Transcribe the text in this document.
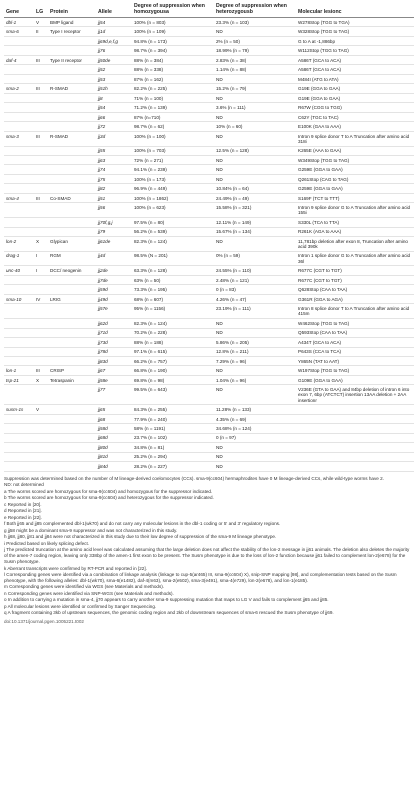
Gene	LG	Protein	Allele	Degree of suppression when homozygousa	Degree of suppression when heterozygousb	Molecular lesionc
dbl-1	V	BMP ligand	jj54	100% (n = 803)	23.3% (n = 103)	W278Stop (TGG to TGA)
sma-6	II	Type I receptor	jj1d	100% (n = 109)	ND	W328Stop (TGG to TAG)
			jj69d,e,f,g	94.8% (n = 173)	2% (n = 50)	G to A at -1,886bp
			jj76	98.7% (n = 394)	18.99% (n = 79)	W112Stop (TGG to TAG)
daf-4	III	Type II receptor	jj50de	88% (n = 384)	2.83% (n = 38)	A586T (GCA to ACA)
			jj52	88% (n = 338)	1.14% (n = 88)	A586T (GCA to ACA)
			jj53	87% (n = 162)	ND	M484I (ATG to ATA)
sma-2	III	R-SMAD	jj51h	82.2% (n = 225)	15.2% (n = 79)	G19E (GGA to GAA)
			jj8	71% (n = 100)	ND	G19E (GGA to GAA)
			jj54	71.2% (n = 139)	3.6% (n = 111)	R67W (CGG to TGG)
			jj66	87% (n=710)	ND	C62Y (TGC to TAC)
			jj72	98.7% (n = 62)	10% (n = 60)	E100K (GAA to AAA)
sma-3	III	R-SMAD	jj3d	100% (n = 100)	ND	Intron 9 splice donor T to A Truncation after amino acid 318i
			jj55	100% (n = 703)	12.5% (n = 128)	K265E (AAA to GAA)
			jj63	72% (n = 271)	ND	W349Stop (TGG to TAG)
			jj74	94.1% (n = 239)	ND	G259E (GGA to GAA)
			jj75	100% (n = 173)	ND	Q261Stop (CAG to TAG)
			jj82	96.9% (n = 449)	10.84% (n = 64)	G259E (GGA to GAA)
sma-4	III	Co-SMAD	jj51	100% (n = 1862)	24.49% (n = 49)	S169F (TCT to TTT)
			jj56	100% (n = 623)	15.58% (n = 321)	Intron 9 splice donor G to A Truncation after amino acid 155i
			jj70f,g,j	97.5% (n = 80)	12.11% (n = 149)	S330L (TCA to TTA)
			jj79	56.2% (n = 539)	15.67% (n = 134)	R261K (AGA to AAA)
lon-2	X	Glypican	jj61de	82.3% (n = 124)	ND	11,781bp deletion after exon 8, Truncation after amino acid 390k
drag-1	I	RGM	jj4d	98.5% (N = 201)	0% (n = 59)	Intron 1 splice donor G to A Truncation after amino acid 36l
unc-40	I	DCC/ neogenin	jj2de	63.3% (n = 128)	24.55% (n = 110)	R677C (CGT to TGT)
			jj7de	63% (n = 50)	2.48% (n = 121)	R677C (CGT to TGT)
			jj59d	73.3% (n = 195)	0 (n = 83)	Q628Stop (CAA to TAA)
sma-10	IV	LRIG	jj49d	68% (n = 607)	4.26% (n = 47)	G361R (GGA to AGA)
			jj57e	95% (n = 1156)	23.19% (n = 111)	Intron 8 splice donor T to A Truncation after amino acid 415m
			jj62d	82.3% (n = 124)	ND	W462Stop (TGG to TAG)
			jj71d	70.2% (n = 228)	ND	Q593Stop (CAA to TAA)
			jj73d	88% (n = 188)	5.86% (n = 205)	A434T (GCA to ACA)
			jj78d	97.1% (n = 615)	12.8% (n = 211)	P643S (CCA to TCA)
			jj83d	66.2% (n = 757)	7.29% (n = 96)	Y865N (TAT to AAT)
lon-1	III	CRISP	jj67	66.8% (n = 190)	ND	W197Stop (TGG to TAG)
tsp-21	X	Tetraspanin	jj58e	69.8% (n = 98)	1.04% (n = 96)	G109E (GGA to GAA)
			jj77	99.5% (n = 643)	ND	V236E (GTA to GAA) and 84bp deletion of intron 6 into exon 7, 6bp (ATCTCT) insertion 13AA deletion + 2AA insertionr
susm-1s	V		jj65	84.3% (n = 255)	11.28% (n = 133)	
			jj68	77.9% (n = 240)	4.35% (n = 69)	
			jj58d	58% (n = 1191)	34.68% (n = 124)	
			jj68d	23.7% (n = 102)	0 (n = 97)	
			jj80d	34.8% (n = 81)	ND	
			jj81d	25.2% (n = 294)	ND	
			jj84d	28.2% (n = 227)	ND	

Suppression was determined based on the number of M lineage-derived coelomocytes (CCs). sma-9(cc604) hermaphrodites have 0 M lineage-derived CCs, while wild-type worms have 2.

ND: not determined

a The worms scored are homozygous for sma-9(cc604) and homozygous for the suppressor indicated.

b The worms scored are homozygous for sma-9(cc604) and heterozygous for the suppressor indicated.

c Reported in [20].

d Reported in [21].

e Reported in [22].

f Both jj65 and jj85 complemented dbl-1(wk70) and do not carry any molecular lesions in the dbl-1 coding or 5' and 3' regulatory regions.

g jj58 might be a dominant sma-9 suppressor and was not characterized in this study.

h jj68, jj80, jj81 and jj84 were not characterized in this study due to their low degree of suppression of the sma-9 M lineage phenotype.

i Predicted based on likely splicing defect.

j The predicted truncation at the amino acid level was calculated assuming that the large deletion does not affect the stability of the lon-2 message in jj61 animals. The deletion also deletes the majority of the amen-7 coding region, leaving only 338bp of the amen-1 first exon to be present. The Susm phenotype is due to the loss of lon-2 function because jj61 failed to complement lon-2(e678) for the Susm phenotype.

k Aberrant transcripts were confirmed by RT-PCR and reported in [22].

l Corresponding genes were identified via a combination of linkage analysis (linkage to cup-5(ar465) III, sma-9(cc604) X), snip-SNP mapping [98], and complementation tests based on the Susm phenotype, with the following alleles: dbl-1(wk70), sma-6(e1482), daf-4(m63), sma-2(e502), sma-3(e491), sma-4(e729), lon-2(e678), and lon-1(e185).

m Corresponding genes were identified via WGS (see Materials and methods).

n Corresponding genes were identified via SNP-WGS (see Materials and methods).

o In addition to carrying a mutation in sma-4, jj70 appears to carry another sma-9 suppressing mutation that maps to LG V and fails to complement jj65 and jj85.

p All molecular lesions were identified or confirmed by Sanger Sequencing.

q A fragment containing 3kb of upstream sequences, the genomic coding region and 2kb of downstream sequences of sma-6 rescued the Susm phenotype of jj69.

doi:10.1371/journal.pgen.1005221.t002
